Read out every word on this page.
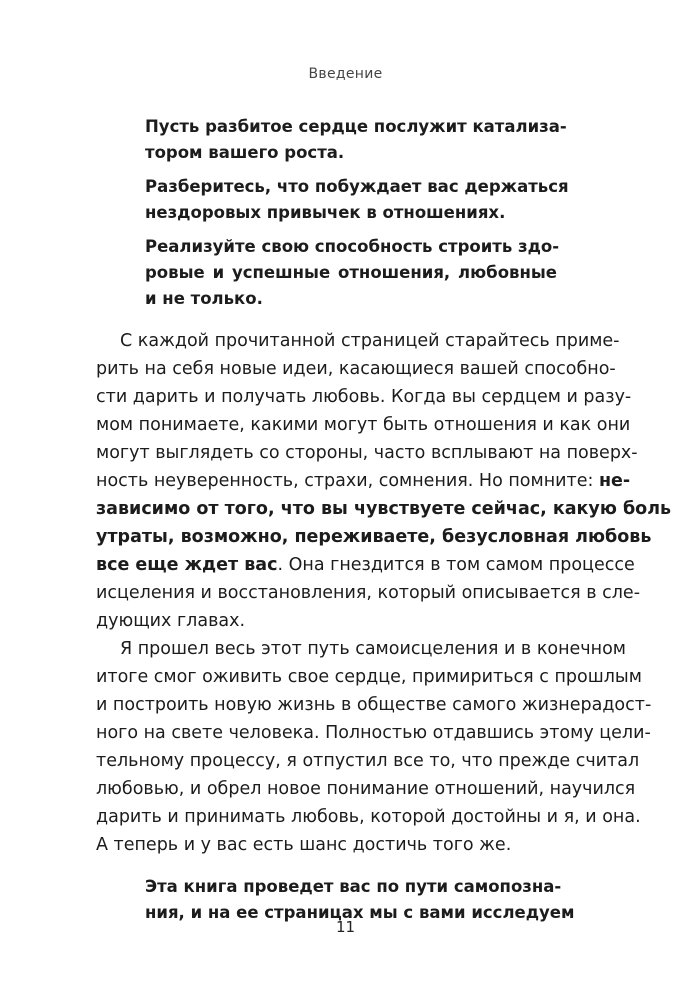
Введение
Пусть разбитое сердце послужит катализа-
тором вашего роста.
Разберитесь, что побуждает вас держаться
нездоровых привычек в отношениях.
Реализуйте свою способность строить здо-
ровые и успешные отношения, любовные
и не только.
С каждой прочитанной страницей старайтесь приме-
рить на себя новые идеи, касающиеся вашей способно-
сти дарить и получать любовь. Когда вы сердцем и разу-
мом понимаете, какими могут быть отношения и как они
могут выглядеть со стороны, часто всплывают на поверх-
ность неуверенность, страхи, сомнения. Но помните: не-
зависимо от того, что вы чувствуете сейчас, какую боль
утраты, возможно, переживаете, безусловная любовь
все еще ждет вас. Она гнездится в том самом процессе
исцеления и восстановления, который описывается в сле-
дующих главах.
Я прошел весь этот путь самоисцеления и в конечном
итоге смог оживить свое сердце, примириться с прошлым
и построить новую жизнь в обществе самого жизнерадост-
ного на свете человека. Полностью отдавшись этому цели-
тельному процессу, я отпустил все то, что прежде считал
любовью, и обрел новое понимание отношений, научился
дарить и принимать любовь, которой достойны и я, и она.
А теперь и у вас есть шанс достичь того же.
Эта книга проведет вас по пути самопозна-
ния, и на ее страницах мы с вами исследуем
11
